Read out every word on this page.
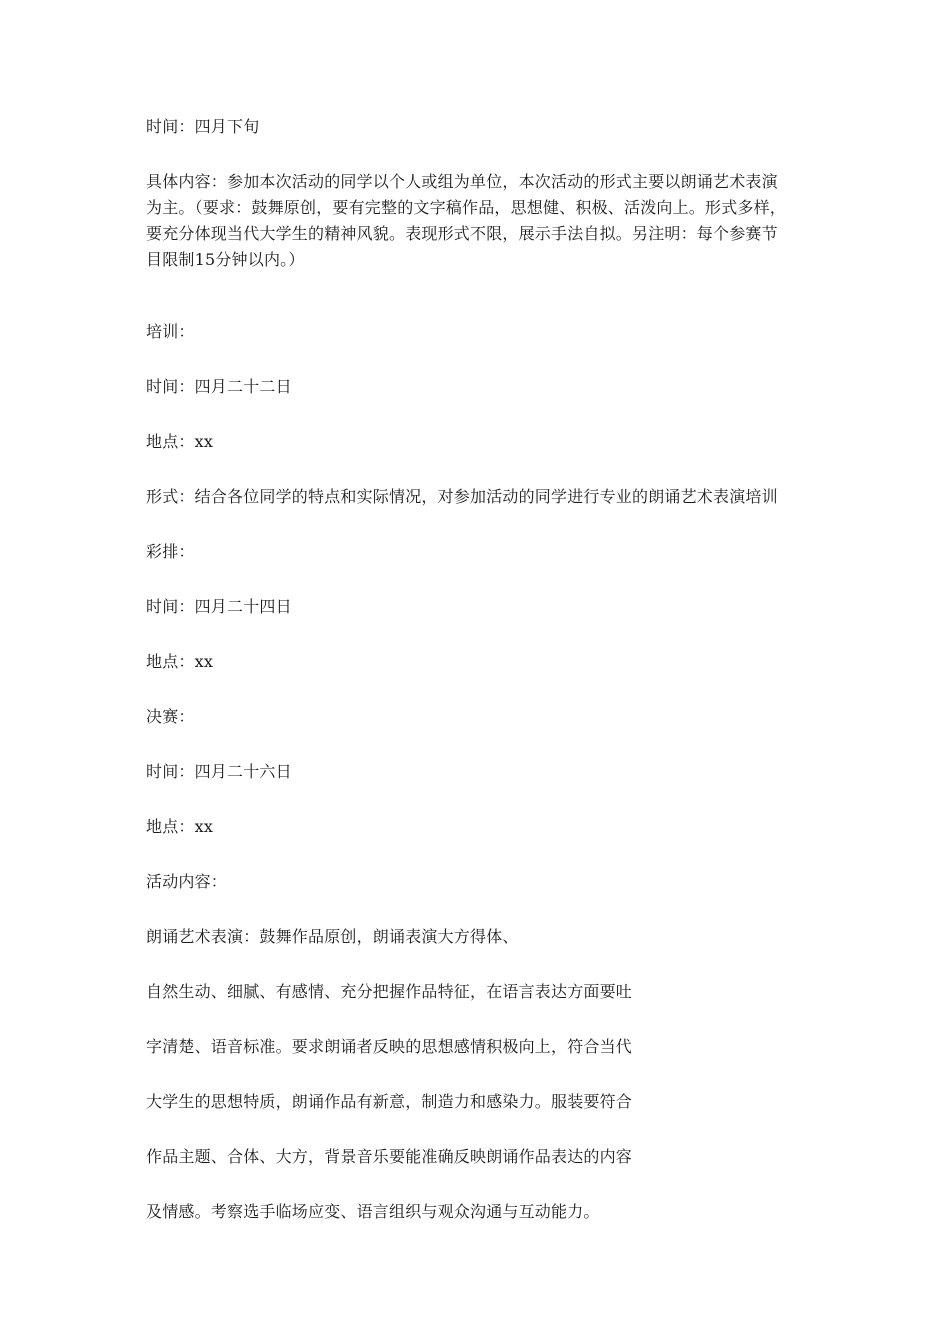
时间：四月下旬
具体内容：参加本次活动的同学以个人或组为单位，本次活动的形式主要以朗诵艺术表演
为主。（要求：鼓舞原创，要有完整的文字稿作品，思想健、积极、活泼向上。形式多样，
要充分体现当代大学生的精神风貌。表现形式不限，展示手法自拟。另注明：每个参赛节
目限制15分钟以内。）
培训：
时间：四月二十二日
地点：xx
形式：结合各位同学的特点和实际情况，对参加活动的同学进行专业的朗诵艺术表演培训
彩排：
时间：四月二十四日
地点：xx
决赛：
时间：四月二十六日
地点：xx
活动内容：
朗诵艺术表演：鼓舞作品原创，朗诵表演大方得体、
自然生动、细腻、有感情、充分把握作品特征，在语言表达方面要吐
字清楚、语音标准。要求朗诵者反映的思想感情积极向上，符合当代
大学生的思想特质，朗诵作品有新意，制造力和感染力。服装要符合
作品主题、合体、大方，背景音乐要能准确反映朗诵作品表达的内容
及情感。考察选手临场应变、语言组织与观众沟通与互动能力。
